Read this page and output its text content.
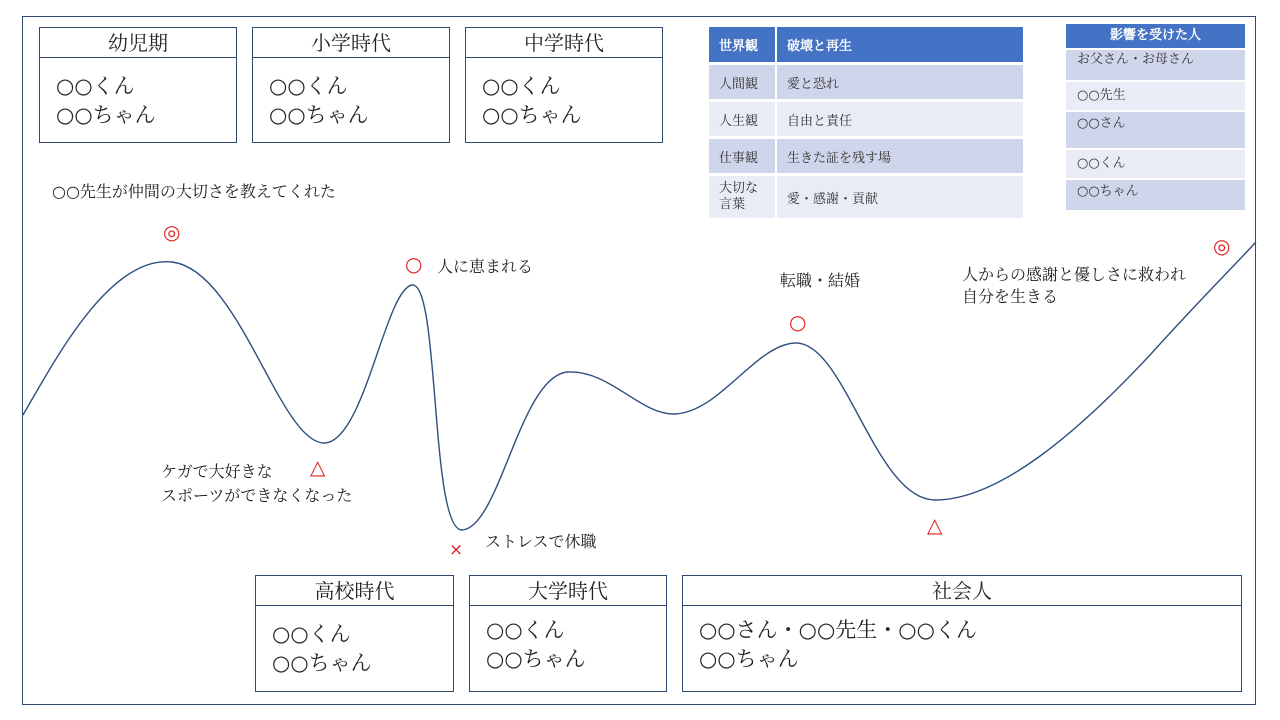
幼児期
○○くん
○○ちゃん
小学時代
○○くん
○○ちゃん
中学時代
○○くん
○○ちゃん
高校時代
○○くん
○○ちゃん
大学時代
○○くん
○○ちゃん
社会人
○○さん・○○先生・○○くん
○○ちゃん
○○先生が仲間の大切さを教えてくれた
◎
ケガで大好きな
スポーツができなくなった
△
○ 人に恵まれる
× ストレスで休職
転職・結婚
○
△
人からの感謝と優しさに救われ
自分を生きる
◎
世界観	破壊と再生
人間観	愛と恐れ
人生観	自由と責任
仕事観	生きた証を残す場
大切な言葉	愛・感謝・貢献
影響を受けた人
お父さん・お母さん
○○先生
○○さん
○○くん
○○ちゃん
